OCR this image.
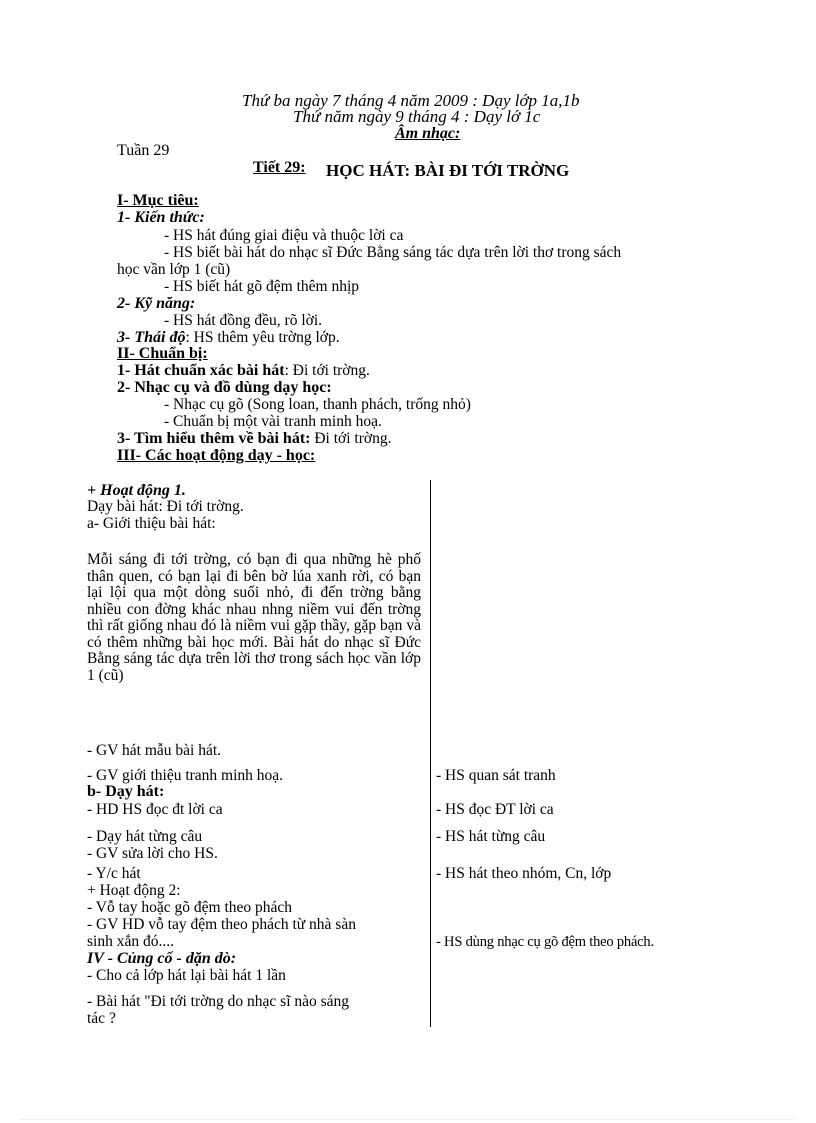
Thứ ba ngày 7 tháng 4 năm 2009 : Dạy lớp 1a,1b
Thứ năm ngày 9 tháng 4 : Dạy lớ 1c
Âm nhạc:
Tuần 29
Tiết 29: HỌC HÁT: BÀI ĐI TỚI TRỜNG
I- Mục tiêu:
1- Kiến thức:
- HS hát đúng giai điệu và thuộc lời ca
- HS biết bài hát do nhạc sĩ Đức Bằng sáng tác dựa trên lời thơ trong sách
học vần lớp 1 (cũ)
- HS biết hát gõ đệm thêm nhịp
2- Kỹ năng:
- HS hát đồng đều, rõ lời.
3- Thái độ: HS thêm yêu trờng lớp.
II- Chuẩn bị:
1- Hát chuẩn xác bài hát: Đi tới trờng.
2- Nhạc cụ và đồ dùng dạy học:
- Nhạc cụ gõ (Song loan, thanh phách, trống nhỏ)
- Chuẩn bị một vài tranh minh hoạ.
3- Tìm hiểu thêm về bài hát: Đi tới trờng.
III- Các hoạt động dạy - học:
+ Hoạt động 1.
Dạy bài hát: Đi tới trờng.
a- Giới thiệu bài hát:
Mỗi sáng đi tới trờng, có bạn đi qua những hè phố thân quen, có bạn lại đi bên bờ lúa xanh rời, có bạn lại lội qua một dòng suối nhỏ, đi đến trờng bằng nhiều con đờng khác nhau nhng niềm vui đến trờng thì rất giống nhau đó là niềm vui gặp thầy, gặp bạn và có thêm những bài học mới. Bài hát do nhạc sĩ Đức Bằng sáng tác dựa trên lời thơ trong sách học vần lớp 1 (cũ)
- GV hát mẫu bài hát.
- GV giới thiệu tranh minh hoạ.
b- Dạy hát:
- HD HS đọc đt lời ca
- Dạy hát từng câu
- GV sửa lời cho HS.
- Y/c hát
+ Hoạt động 2:
- Vỗ tay hoặc gõ đệm theo phách
- GV HD vỗ tay đệm theo phách từ nhà sàn
sinh xắn đó....
IV - Củng cố - dặn dò:
- Cho cả lớp hát lại bài hát 1 lần
- Bài hát "Đi tới trờng do nhạc sĩ nào sáng
tác ?
- HS quan sát tranh
- HS đọc ĐT lời ca
- HS hát từng câu
- HS hát theo nhóm, Cn, lớp
- HS dùng nhạc cụ gõ đệm theo phách.
